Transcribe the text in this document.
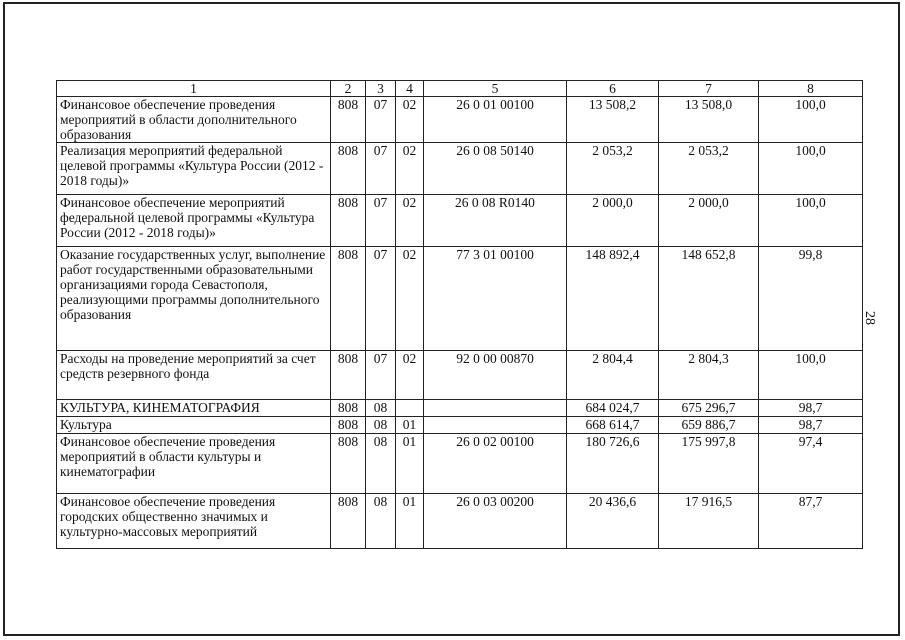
1	2	3	4	5	6	7	8
Финансовое обеспечение проведения мероприятий в области дополнительного образования	808	07	02	26 0 01 00100	13 508,2	13 508,0	100,0
Реализация мероприятий федеральной целевой программы «Культура России (2012 - 2018 годы)»	808	07	02	26 0 08 50140	2 053,2	2 053,2	100,0
Финансовое обеспечение мероприятий федеральной целевой программы «Культура России (2012 - 2018 годы)»	808	07	02	26 0 08 R0140	2 000,0	2 000,0	100,0
Оказание государственных услуг, выполнение работ государственными образовательными организациями города Севастополя, реализующими программы дополнительного образования	808	07	02	77 3 01 00100	148 892,4	148 652,8	99,8
Расходы на проведение мероприятий за счет средств резервного фонда	808	07	02	92 0 00 00870	2 804,4	2 804,3	100,0
КУЛЬТУРА, КИНЕМАТОГРАФИЯ	808	08			684 024,7	675 296,7	98,7
Культура	808	08	01		668 614,7	659 886,7	98,7
Финансовое обеспечение проведения мероприятий в области культуры и кинематографии	808	08	01	26 0 02 00100	180 726,6	175 997,8	97,4
Финансовое обеспечение проведения городских общественно значимых и культурно-массовых мероприятий	808	08	01	26 0 03 00200	20 436,6	17 916,5	87,7
28
